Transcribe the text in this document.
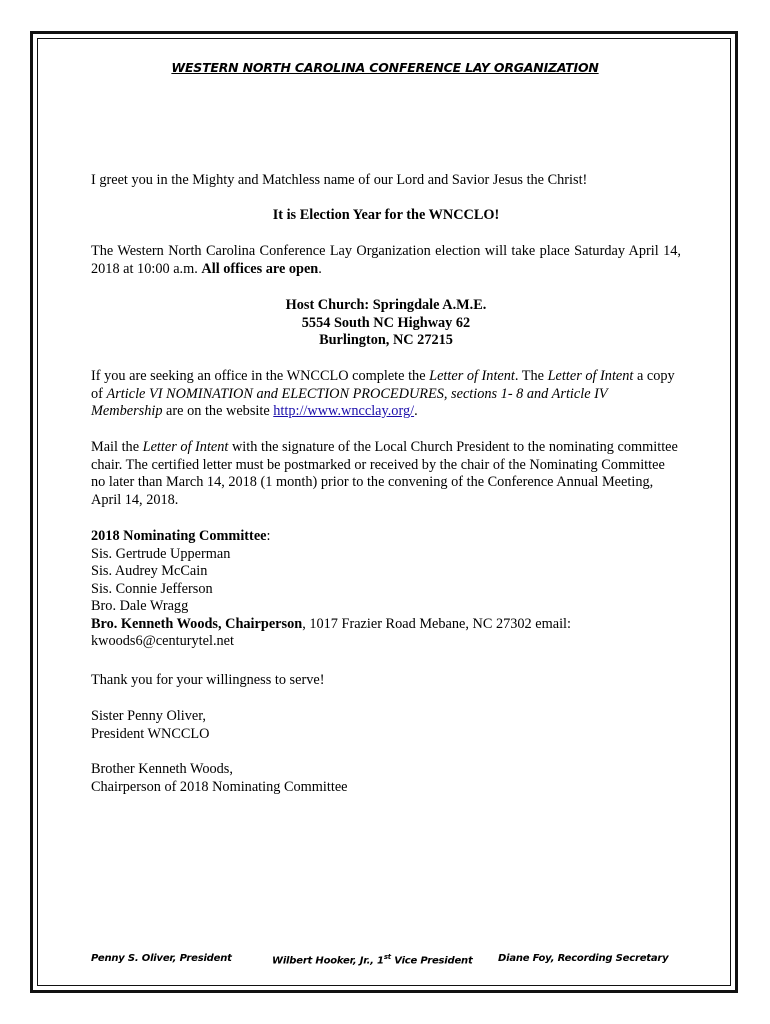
WESTERN NORTH CAROLINA CONFERENCE LAY ORGANIZATION
I greet you in the Mighty and Matchless name of our Lord and Savior Jesus the Christ!
It is Election Year for the WNCCLO!
The Western North Carolina Conference Lay Organization election will take place Saturday April 14, 2018 at 10:00 a.m. All offices are open.
Host Church: Springdale A.M.E.
5554 South NC Highway 62
Burlington, NC 27215
If you are seeking an office in the WNCCLO complete the Letter of Intent. The Letter of Intent a copy of Article VI NOMINATION and ELECTION PROCEDURES, sections 1- 8 and Article IV Membership are on the website http://www.wncclay.org/.
Mail the Letter of Intent with the signature of the Local Church President to the nominating committee chair. The certified letter must be postmarked or received by the chair of the Nominating Committee no later than March 14, 2018 (1 month) prior to the convening of the Conference Annual Meeting, April 14, 2018.
2018 Nominating Committee:
Sis. Gertrude Upperman
Sis. Audrey McCain
Sis. Connie Jefferson
Bro. Dale Wragg
Bro. Kenneth Woods, Chairperson, 1017 Frazier Road Mebane, NC 27302 email: kwoods6@centurytel.net
Thank you for your willingness to serve!
Sister Penny Oliver,
President WNCCLO
Brother Kenneth Woods,
Chairperson of 2018 Nominating Committee
Penny S. Oliver, President	Wilbert Hooker, Jr., 1st Vice President	Diane Foy, Recording Secretary
